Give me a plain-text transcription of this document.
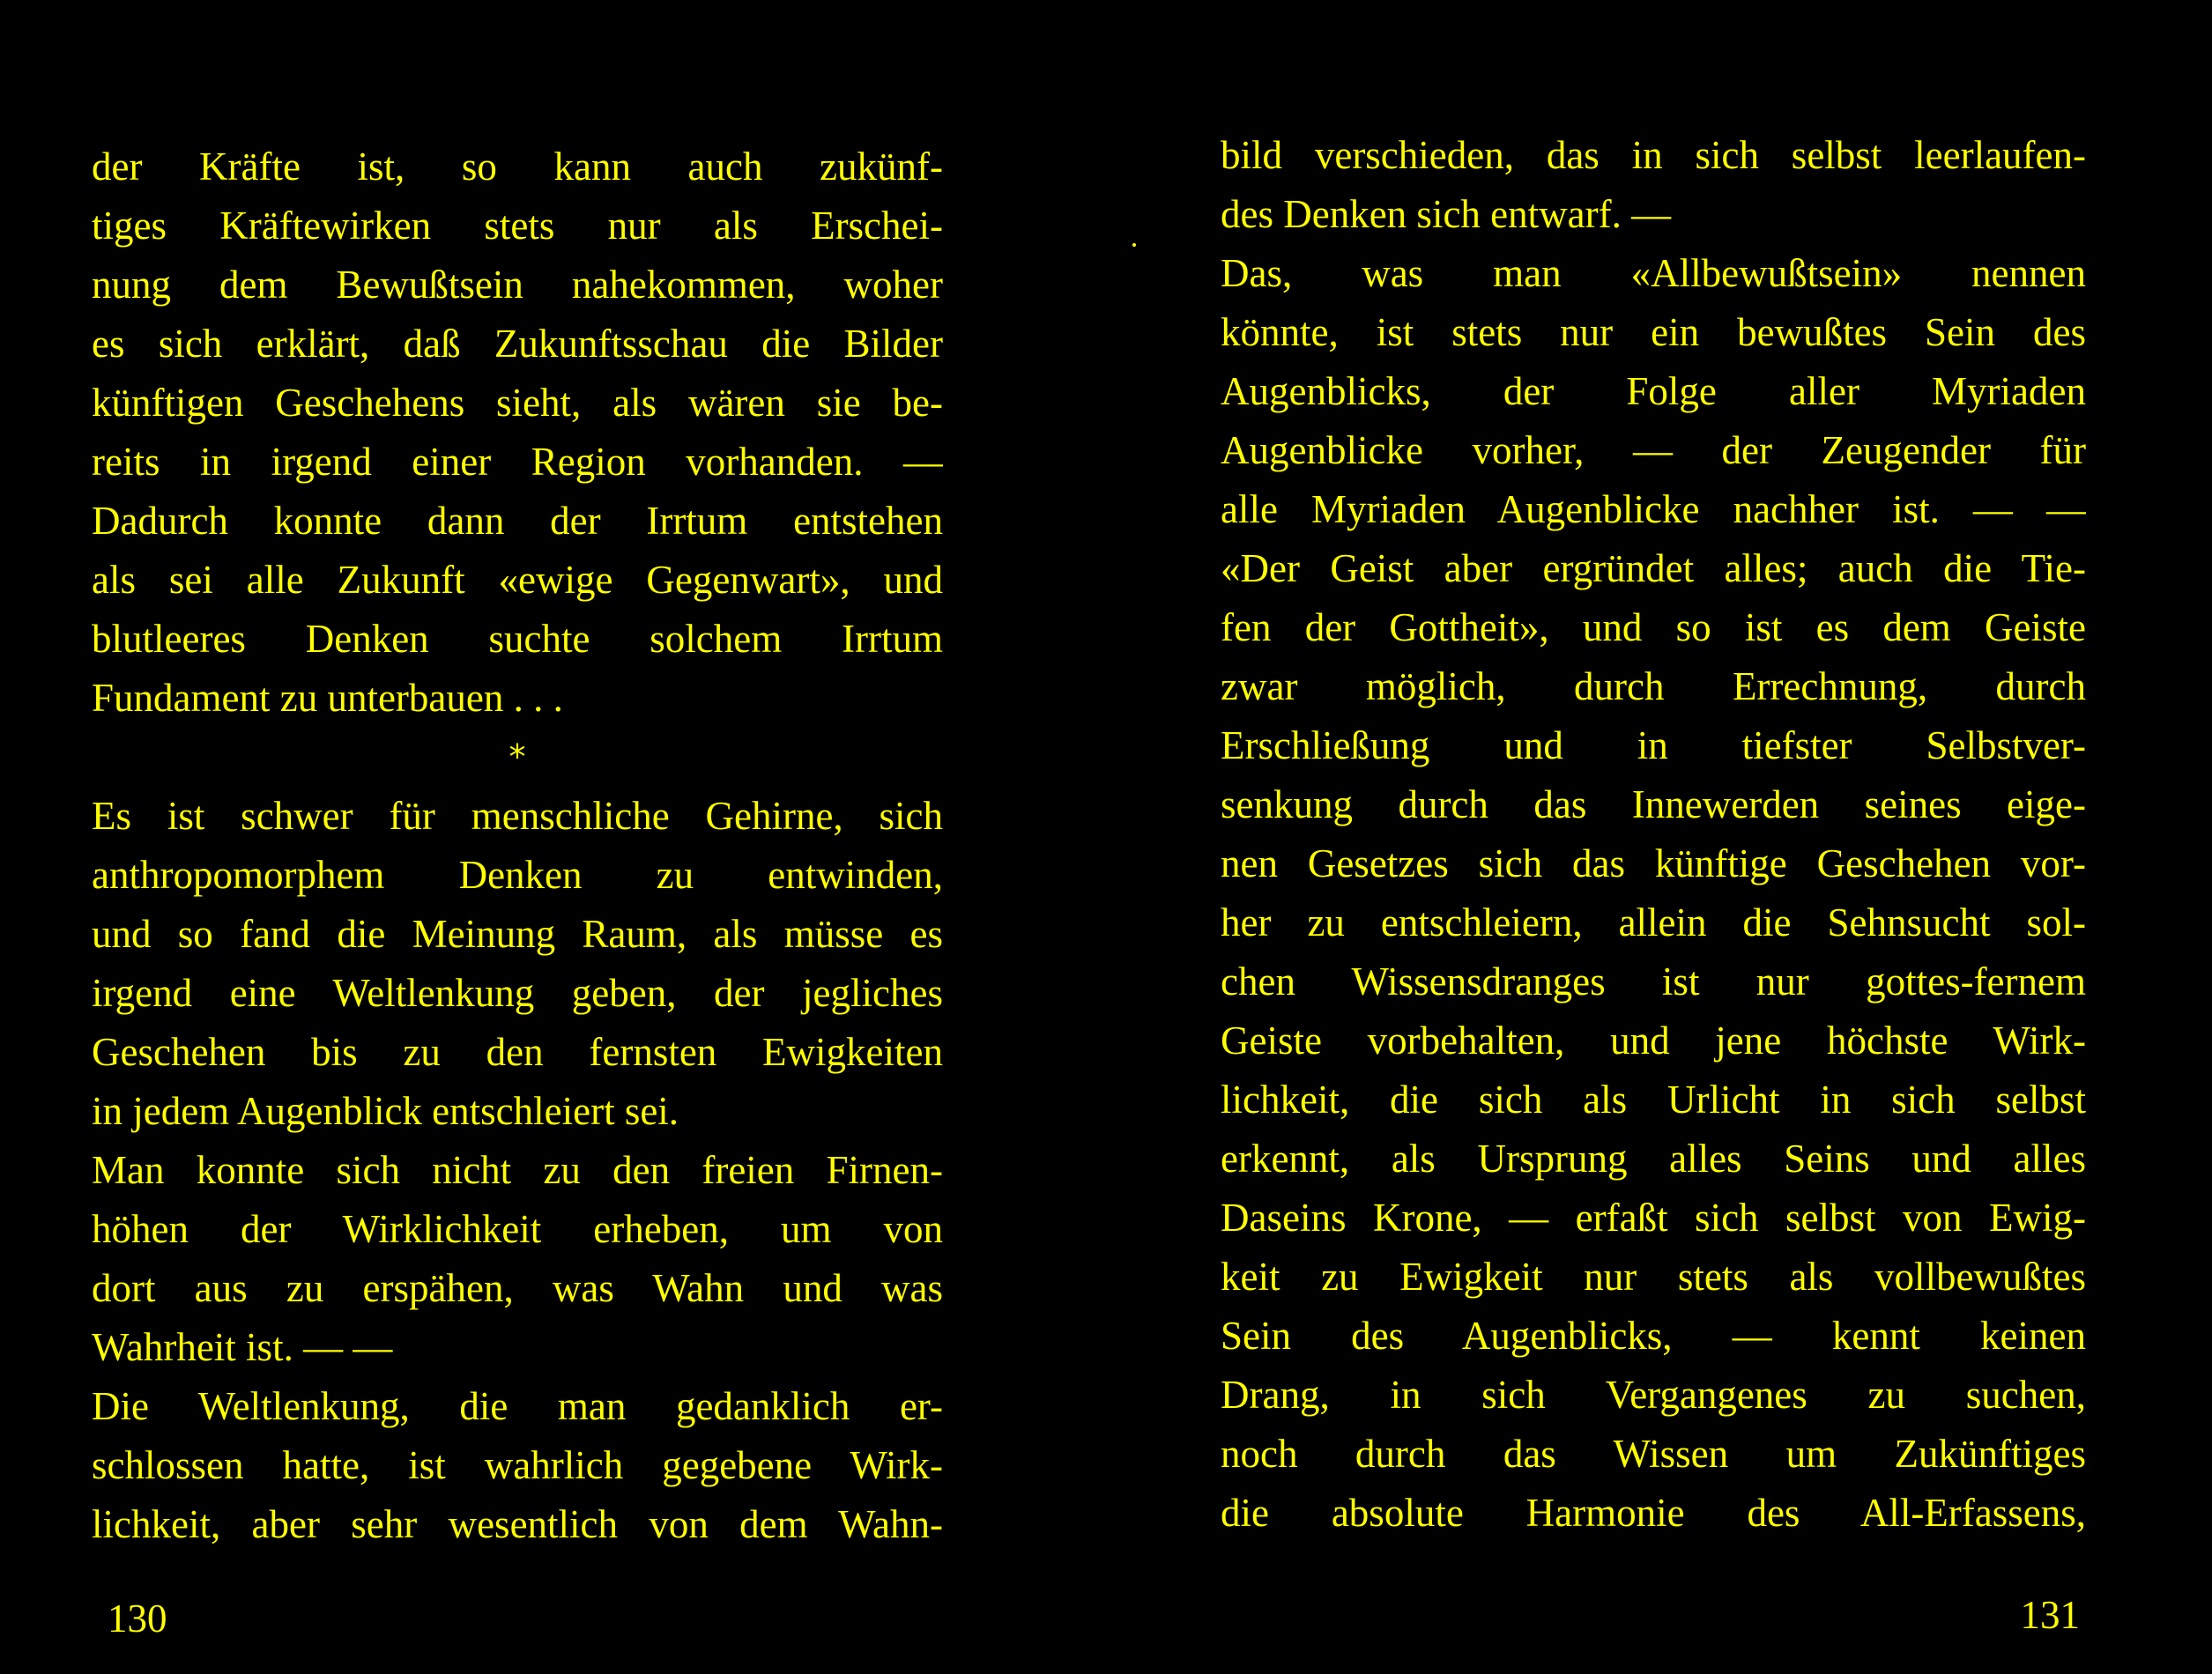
der Kräfte ist, so kann auch zukünf-
tiges Kräftewirken stets nur als Erschei-
nung dem Bewußtsein nahekommen, woher
es sich erklärt, daß Zukunftsschau die Bilder
künftigen Geschehens sieht, als wären sie be-
reits in irgend einer Region vorhanden. —
Dadurch konnte dann der Irrtum entstehen
als sei alle Zukunft «ewige Gegenwart», und
blutleeres Denken suchte solchem Irrtum
Fundament zu unterbauen . . .
*
Es ist schwer für menschliche Gehirne, sich
anthropomorphem Denken zu entwinden,
und so fand die Meinung Raum, als müsse es
irgend eine Weltlenkung geben, der jegliches
Geschehen bis zu den fernsten Ewigkeiten
in jedem Augenblick entschleiert sei.
Man konnte sich nicht zu den freien Firnen-
höhen der Wirklichkeit erheben, um von
dort aus zu erspähen, was Wahn und was
Wahrheit ist. — —
Die Weltlenkung, die man gedanklich er-
schlossen hatte, ist wahrlich gegebene Wirk-
lichkeit, aber sehr wesentlich von dem Wahn-
130
bild verschieden, das in sich selbst leerlaufen-
des Denken sich entwarf. —
Das, was man «Allbewußtsein» nennen
könnte, ist stets nur ein bewußtes Sein des
Augenblicks, der Folge aller Myriaden
Augenblicke vorher, — der Zeugender für
alle Myriaden Augenblicke nachher ist. — —
«Der Geist aber ergründet alles; auch die Tie-
fen der Gottheit», und so ist es dem Geiste
zwar möglich, durch Errechnung, durch
Erschließung und in tiefster Selbstver-
senkung durch das Innewerden seines eige-
nen Gesetzes sich das künftige Geschehen vor-
her zu entschleiern, allein die Sehnsucht sol-
chen Wissensdranges ist nur gottes-fernem
Geiste vorbehalten, und jene höchste Wirk-
lichkeit, die sich als Urlicht in sich selbst
erkennt, als Ursprung alles Seins und alles
Daseins Krone, — erfaßt sich selbst von Ewig-
keit zu Ewigkeit nur stets als vollbewußtes
Sein des Augenblicks, — kennt keinen
Drang, in sich Vergangenes zu suchen,
noch durch das Wissen um Zukünftiges
die absolute Harmonie des All-Erfassens,
131
